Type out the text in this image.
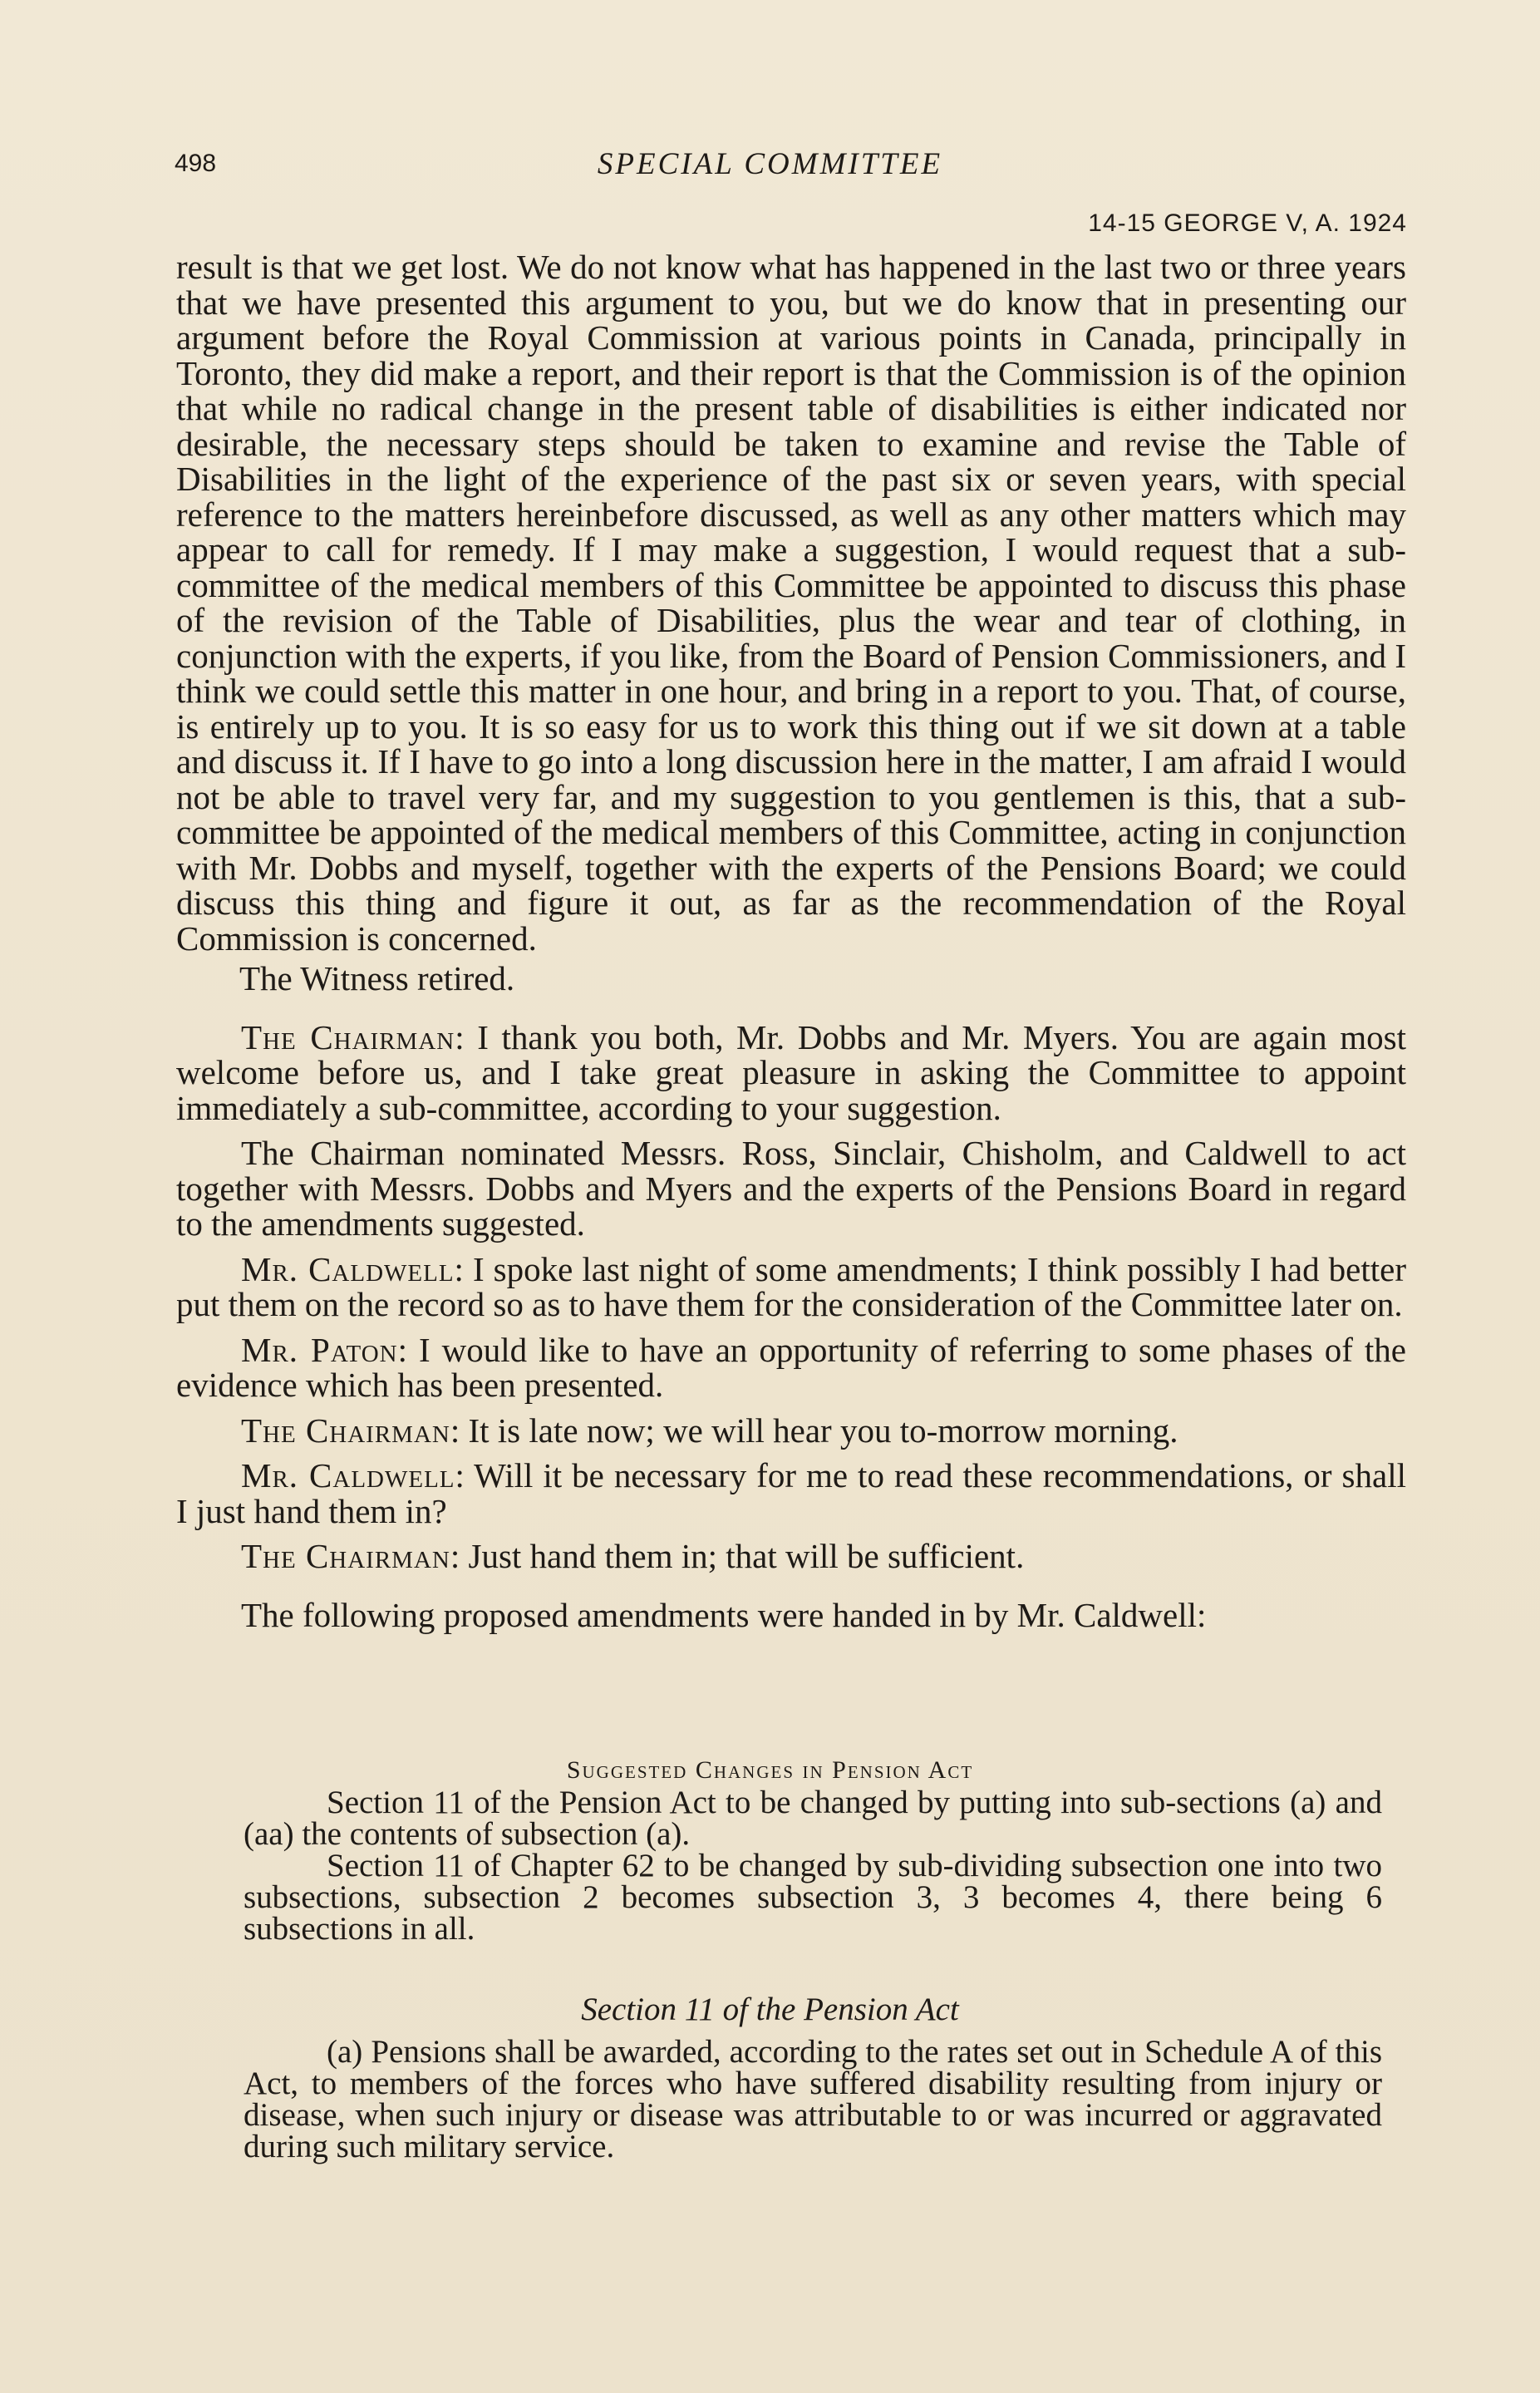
498	SPECIAL COMMITTEE
14-15 GEORGE V, A. 1924

result is that we get lost. We do not know what has happened in the last two or three years that we have presented this argument to you, but we do know that in presenting our argument before the Royal Commission at various points in Canada, principally in Toronto, they did make a report, and their report is that the Commission is of the opinion that while no radical change in the present table of disabilities is either indicated nor desirable, the necessary steps should be taken to examine and revise the Table of Disabilities in the light of the experience of the past six or seven years, with special reference to the matters hereinbefore discussed, as well as any other matters which may appear to call for remedy. If I may make a suggestion, I would request that a sub-committee of the medical members of this Committee be appointed to discuss this phase of the revision of the Table of Disabilities, plus the wear and tear of clothing, in conjunction with the experts, if you like, from the Board of Pension Commissioners, and I think we could settle this matter in one hour, and bring in a report to you. That, of course, is entirely up to you. It is so easy for us to work this thing out if we sit down at a table and discuss it. If I have to go into a long discussion here in the matter, I am afraid I would not be able to travel very far, and my suggestion to you gentlemen is this, that a sub-committee be appointed of the medical members of this Committee, acting in conjunction with Mr. Dobbs and myself, together with the experts of the Pensions Board; we could discuss this thing and figure it out, as far as the recommendation of the Royal Commission is concerned.

The Witness retired.

The Chairman: I thank you both, Mr. Dobbs and Mr. Myers. You are again most welcome before us, and I take great pleasure in asking the Committee to appoint immediately a sub-committee, according to your suggestion.

The Chairman nominated Messrs. Ross, Sinclair, Chisholm, and Caldwell to act together with Messrs. Dobbs and Myers and the experts of the Pensions Board in regard to the amendments suggested.

Mr. Caldwell: I spoke last night of some amendments; I think possibly I had better put them on the record so as to have them for the consideration of the Committee later on.

Mr. Paton: I would like to have an opportunity of referring to some phases of the evidence which has been presented.

The Chairman: It is late now; we will hear you to-morrow morning.

Mr. Caldwell: Will it be necessary for me to read these recommendations, or shall I just hand them in?

The Chairman: Just hand them in; that will be sufficient.

The following proposed amendments were handed in by Mr. Caldwell:

Suggested Changes in Pension Act

Section 11 of the Pension Act to be changed by putting into sub-sections (a) and (aa) the contents of subsection (a).

Section 11 of Chapter 62 to be changed by sub-dividing subsection one into two subsections, subsection 2 becomes subsection 3, 3 becomes 4, there being 6 subsections in all.

Section 11 of the Pension Act

(a) Pensions shall be awarded, according to the rates set out in Schedule A of this Act, to members of the forces who have suffered disability resulting from injury or disease, when such injury or disease was attributable to or was incurred or aggravated during such military service.
